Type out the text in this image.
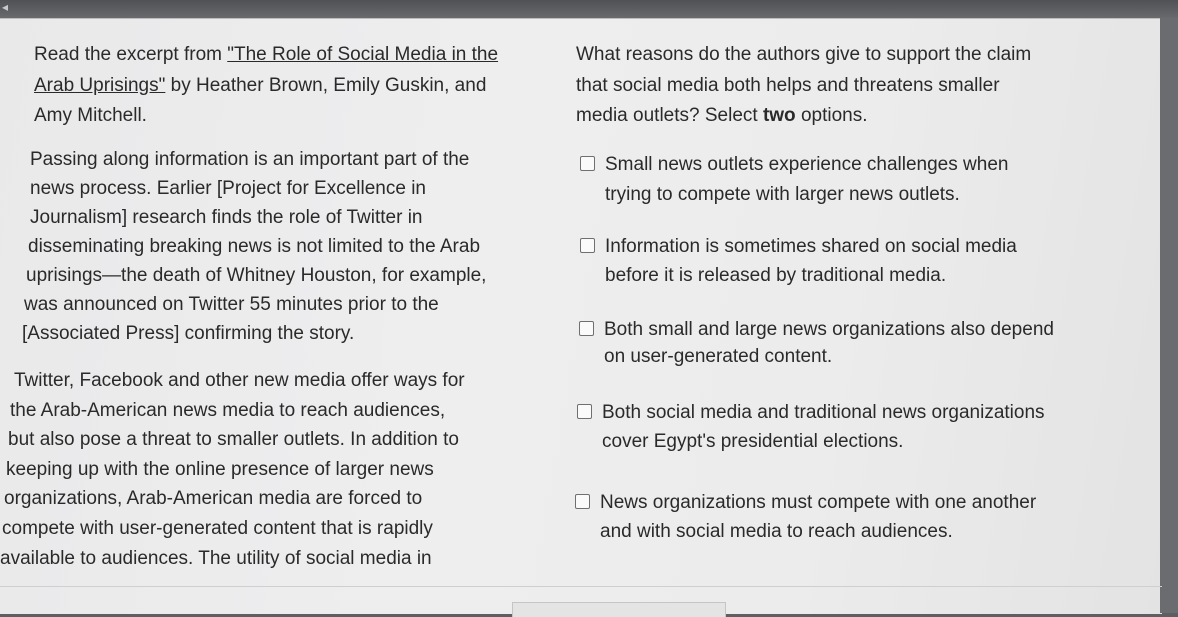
◂
Read the excerpt from "The Role of Social Media in the
Arab Uprisings" by Heather Brown, Emily Guskin, and
Amy Mitchell.
Passing along information is an important part of the
news process. Earlier [Project for Excellence in
Journalism] research finds the role of Twitter in
disseminating breaking news is not limited to the Arab
uprisings—the death of Whitney Houston, for example,
was announced on Twitter 55 minutes prior to the
[Associated Press] confirming the story.
Twitter, Facebook and other new media offer ways for
the Arab-American news media to reach audiences,
but also pose a threat to smaller outlets. In addition to
keeping up with the online presence of larger news
organizations, Arab-American media are forced to
compete with user-generated content that is rapidly
available to audiences. The utility of social media in
What reasons do the authors give to support the claim
that social media both helps and threatens smaller
media outlets? Select two options.
Small news outlets experience challenges when
trying to compete with larger news outlets.
Information is sometimes shared on social media
before it is released by traditional media.
Both small and large news organizations also depend
on user-generated content.
Both social media and traditional news organizations
cover Egypt's presidential elections.
News organizations must compete with one another
and with social media to reach audiences.
